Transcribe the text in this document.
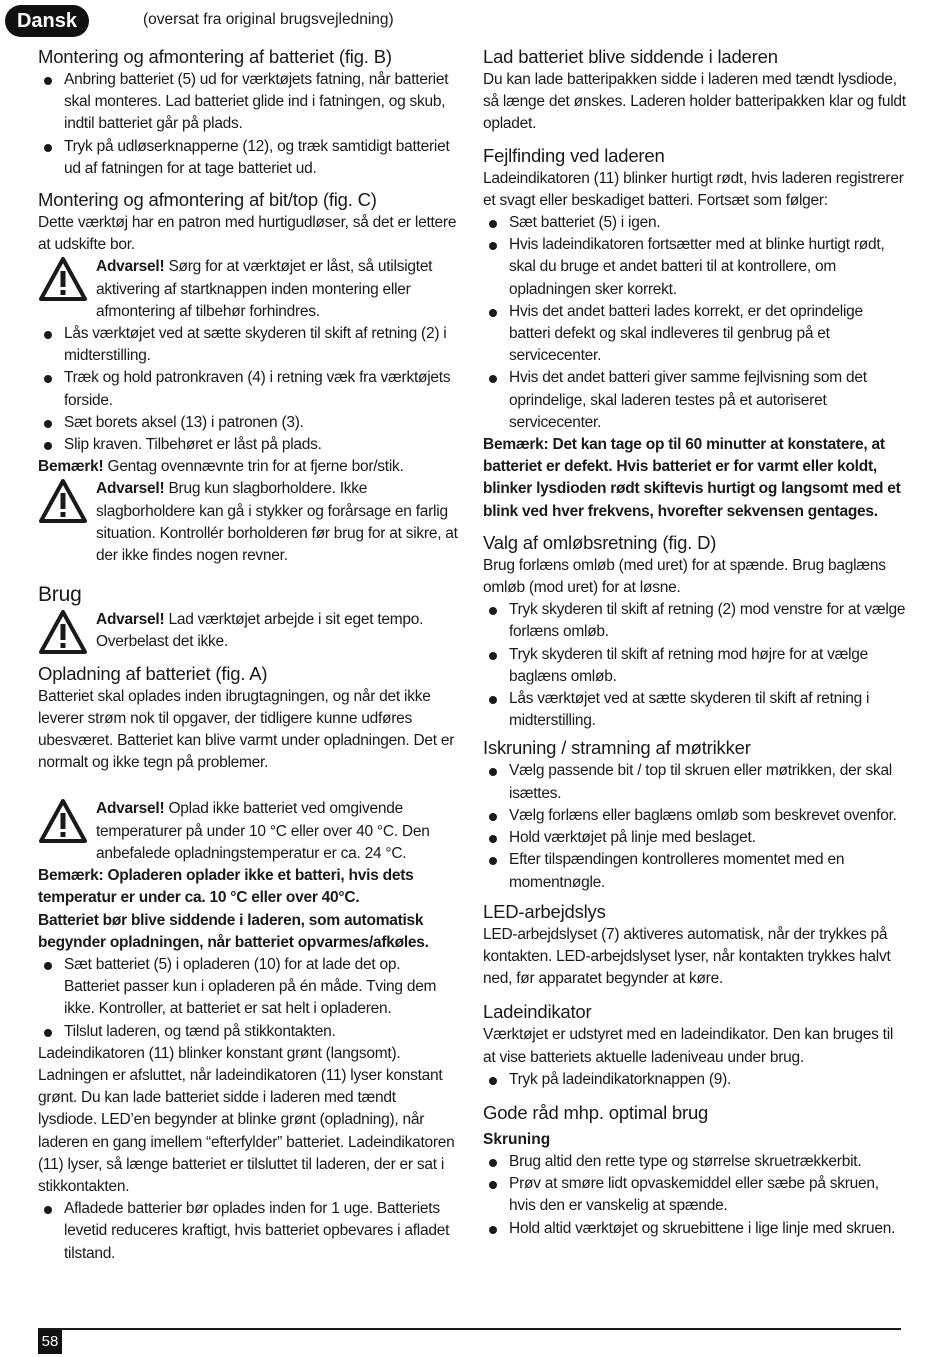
Dansk	(oversat fra original brugsvejledning)
Montering og afmontering af batteriet (fig. B)
Anbring batteriet (5) ud for værktøjets fatning, når batteriet skal monteres. Lad batteriet glide ind i fatningen, og skub, indtil batteriet går på plads.
Tryk på udløserknapperne (12), og træk samtidigt batteriet ud af fatningen for at tage batteriet ud.
Montering og afmontering af bit/top (fig. C)

Dette værktøj har en patron med hurtigudløser, så det er lettere at udskifte bor.

Advarsel! Sørg for at værktøjet er låst, så utilsigtet aktivering af startknappen inden montering eller afmontering af tilbehør forhindres.

Lås værktøjet ved at sætte skyderen til skift af retning (2) i midterstilling.
Træk og hold patronkraven (4) i retning væk fra værktøjets forside.
Sæt borets aksel (13) i patronen (3).
Slip kraven. Tilbehøret er låst på plads.

Bemærk! Gentag ovennævnte trin for at fjerne bor/stik.

Advarsel! Brug kun slagborholdere. Ikke slagborholdere kan gå i stykker og forårsage en farlig situation. Kontrollér borholderen før brug for at sikre, at der ikke findes nogen revner.

Brug

Advarsel! Lad værktøjet arbejde i sit eget tempo. Overbelast det ikke.

Opladning af batteriet (fig. A)

Batteriet skal oplades inden ibrugtagningen, og når det ikke leverer strøm nok til opgaver, der tidligere kunne udføres ubesværet. Batteriet kan blive varmt under opladningen. Det er normalt og ikke tegn på problemer.

Advarsel! Oplad ikke batteriet ved omgivende temperaturer på under 10 °C eller over 40 °C. Den anbefalede opladningstemperatur er ca. 24 °C.

Bemærk: Opladeren oplader ikke et batteri, hvis dets temperatur er under ca. 10 °C eller over 40°C.

Batteriet bør blive siddende i laderen, som automatisk begynder opladningen, når batteriet opvarmes/afkøles.

Sæt batteriet (5) i opladeren (10) for at lade det op. Batteriet passer kun i opladeren på én måde. Tving dem ikke. Kontroller, at batteriet er sat helt i opladeren.
Tilslut laderen, og tænd på stikkontakten.

Ladeindikatoren (11) blinker konstant grønt (langsomt). Ladningen er afsluttet, når ladeindikatoren (11) lyser konstant grønt. Du kan lade batteriet sidde i laderen med tændt lysdiode. LED’en begynder at blinke grønt (opladning), når laderen en gang imellem “efterfylder” batteriet. Ladeindikatoren (11) lyser, så længe batteriet er tilsluttet til laderen, der er sat i stikkontakten.

Afladede batterier bør oplades inden for 1 uge. Batteriets levetid reduceres kraftigt, hvis batteriet opbevares i afladet tilstand.
Lad batteriet blive siddende i laderen

Du kan lade batteripakken sidde i laderen med tændt lysdiode, så længe det ønskes. Laderen holder batteripakken klar og fuldt opladet.

Fejlfinding ved laderen

Ladeindikatoren (11) blinker hurtigt rødt, hvis laderen registrerer et svagt eller beskadiget batteri. Fortsæt som følger:

Sæt batteriet (5) i igen.
Hvis ladeindikatoren fortsætter med at blinke hurtigt rødt, skal du bruge et andet batteri til at kontrollere, om opladningen sker korrekt.
Hvis det andet batteri lades korrekt, er det oprindelige batteri defekt og skal indleveres til genbrug på et servicecenter.
Hvis det andet batteri giver samme fejlvisning som det oprindelige, skal laderen testes på et autoriseret servicecenter.

Bemærk: Det kan tage op til 60 minutter at konstatere, at batteriet er defekt. Hvis batteriet er for varmt eller koldt, blinker lysdioden rødt skiftevis hurtigt og langsomt med et blink ved hver frekvens, hvorefter sekvensen gentages.

Valg af omløbsretning (fig. D)

Brug forlæns omløb (med uret) for at spænde. Brug baglæns omløb (mod uret) for at løsne.

Tryk skyderen til skift af retning (2) mod venstre for at vælge forlæns omløb.
Tryk skyderen til skift af retning mod højre for at vælge baglæns omløb.
Lås værktøjet ved at sætte skyderen til skift af retning i midterstilling.
Iskruning / stramning af møtrikker
Vælg passende bit / top til skruen eller møtrikken, der skal isættes.
Vælg forlæns eller baglæns omløb som beskrevet ovenfor.
Hold værktøjet på linje med beslaget.
Efter tilspændingen kontrolleres momentet med en momentnøgle.
LED-arbejdslys

LED-arbejdslyset (7) aktiveres automatisk, når der trykkes på kontakten. LED-arbejdslyset lyser, når kontakten trykkes halvt ned, før apparatet begynder at køre.

Ladeindikator

Værktøjet er udstyret med en ladeindikator. Den kan bruges til at vise batteriets aktuelle ladeniveau under brug.

Tryk på ladeindikatorknappen (9).
Gode råd mhp. optimal brug
Skruning
Brug altid den rette type og størrelse skruetrækkerbit.
Prøv at smøre lidt opvaskemiddel eller sæbe på skruen, hvis den er vanskelig at spænde.
Hold altid værktøjet og skruebittene i lige linje med skruen.
58
